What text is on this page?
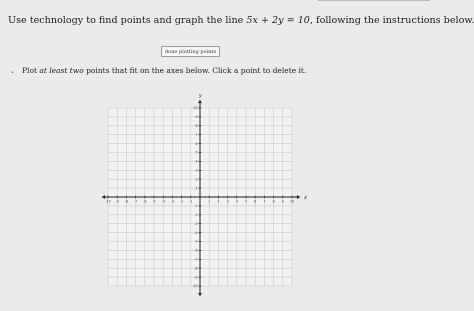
Use technology to find points and graph the line 5x + 2y = 10, following the instructions below.
done plotting points
• Plot at least two points that fit on the axes below. Click a point to delete it.
x
y
-10 -9 -8 -7 -6 -5 -4 -3 -2 -1	1 2 3 4 5 6 7 8 9 10
10
9
8
7
6
5
4
3
2
1
-1
-2
-3
-4
-5
-6
-7
-8
-9
-10
